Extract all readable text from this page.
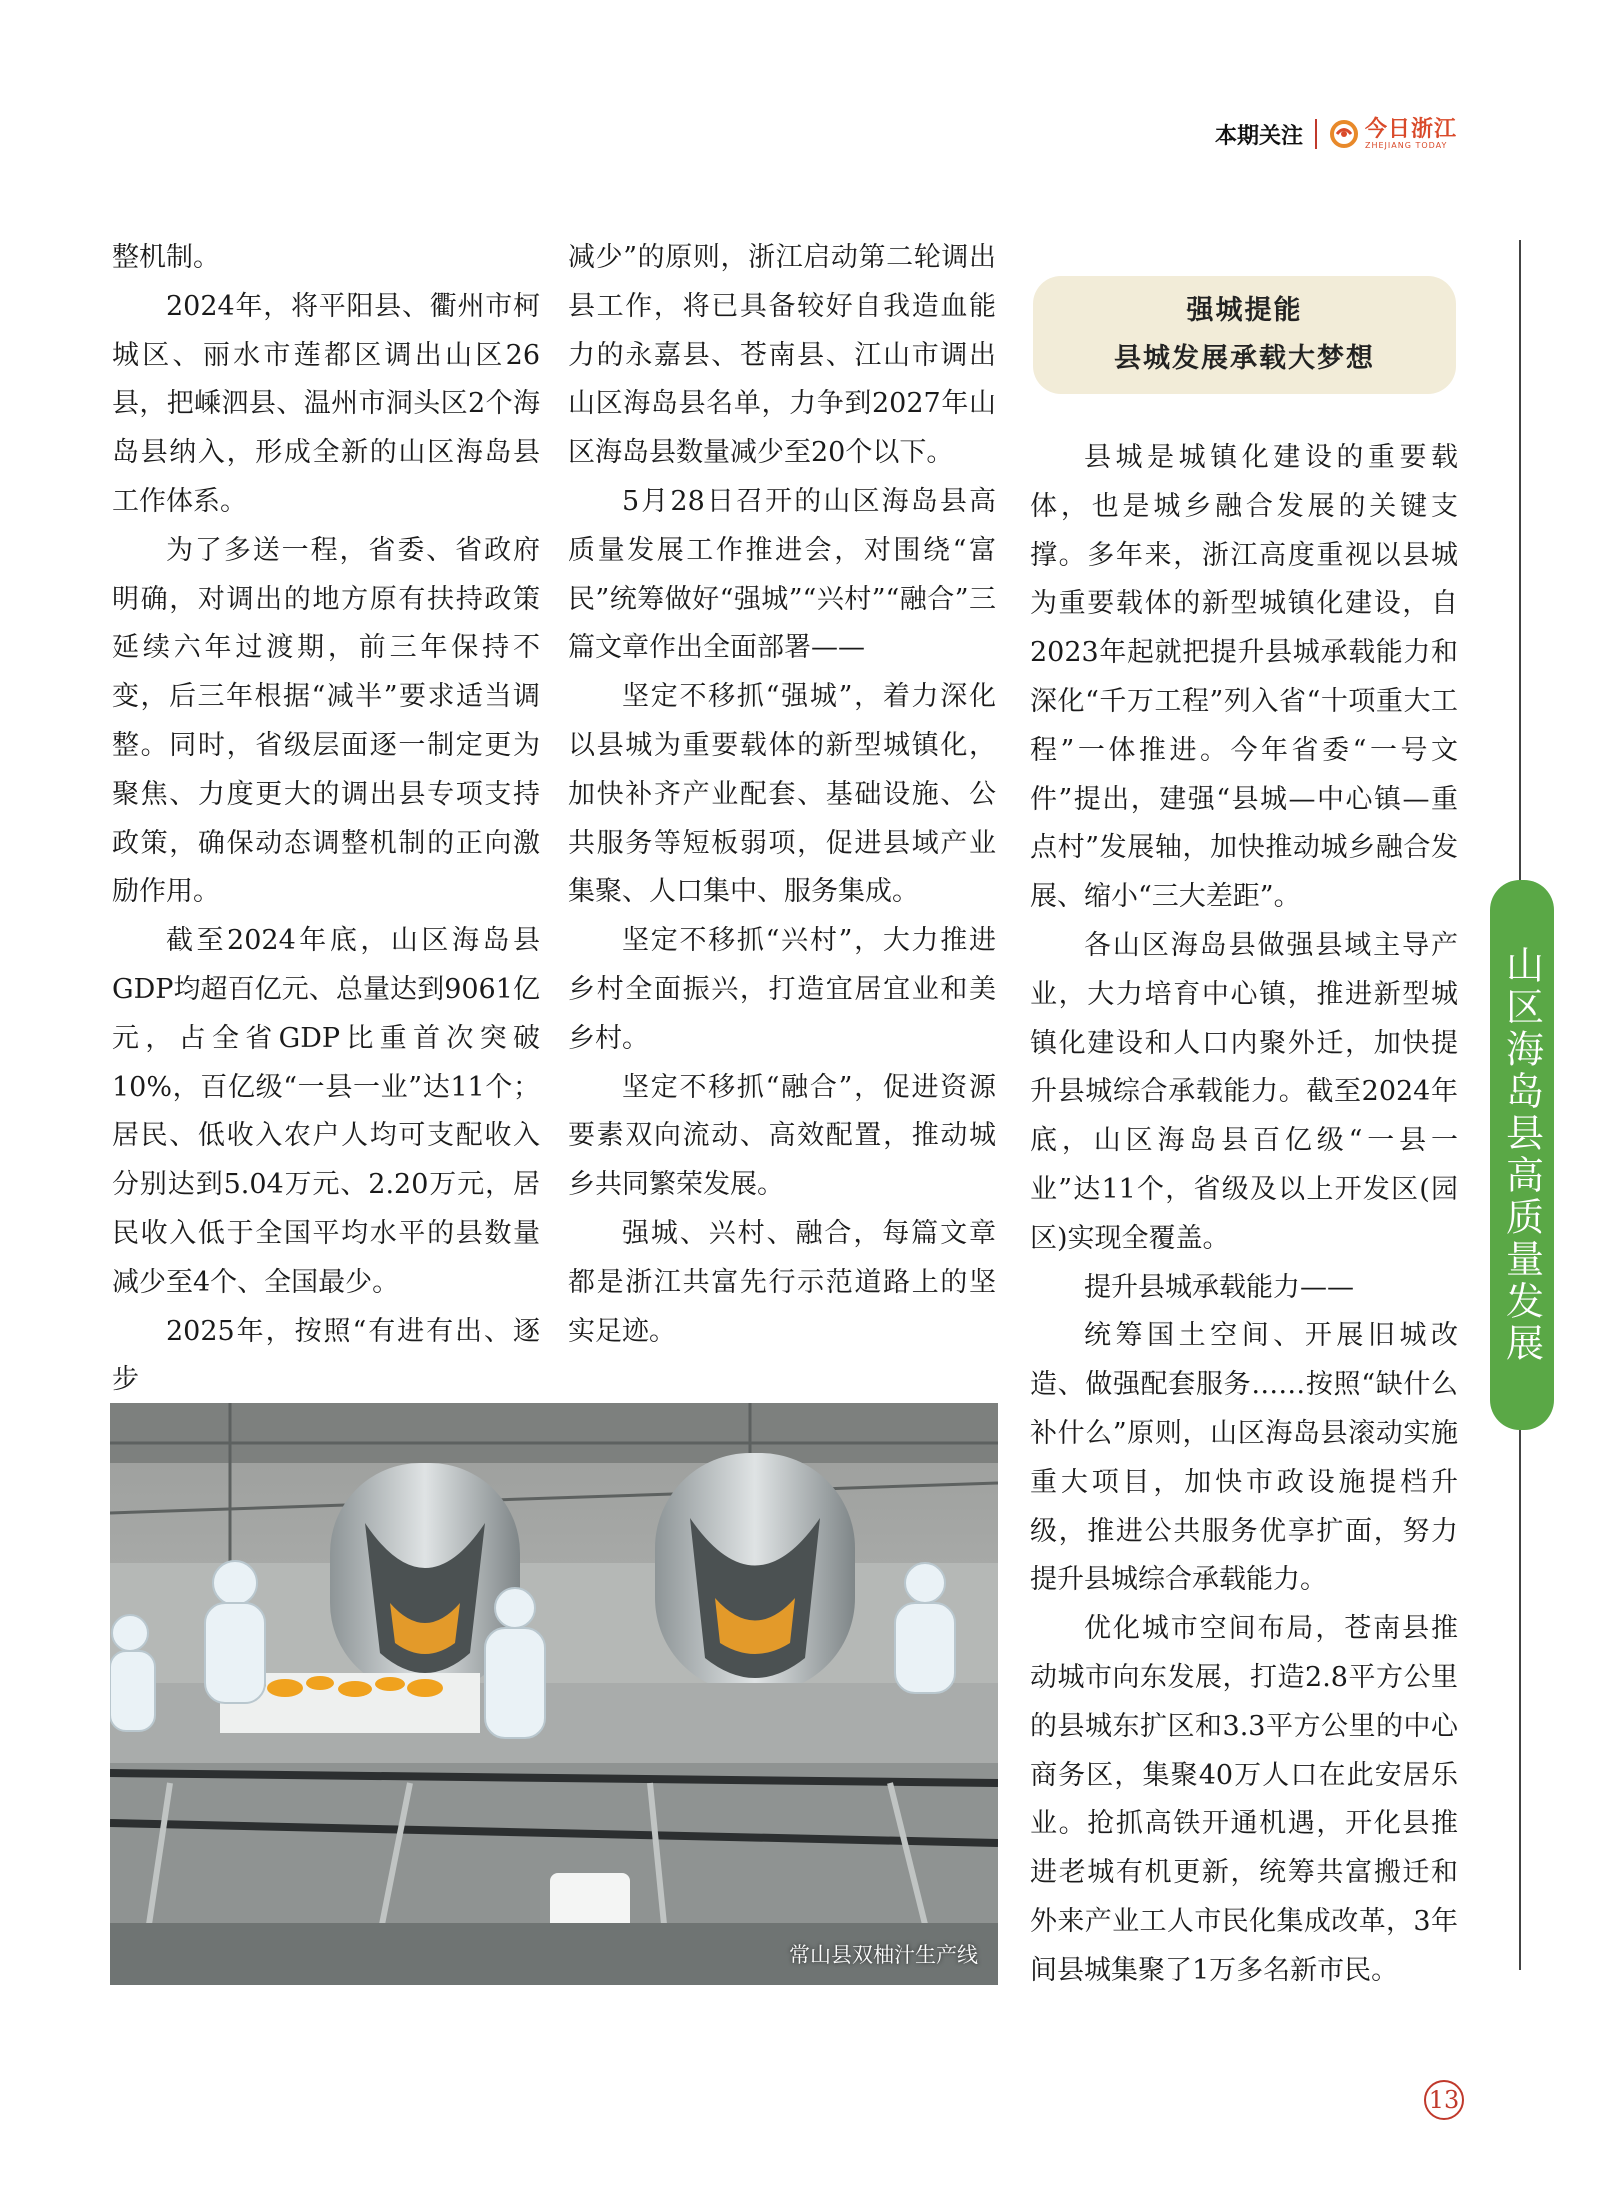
本期关注	今日浙江
ZHEJIANG TODAY

整机制。

2024年，将平阳县、衢州市柯城区、丽水市莲都区调出山区26县，把嵊泗县、温州市洞头区2个海岛县纳入，形成全新的山区海岛县工作体系。

为了多送一程，省委、省政府明确，对调出的地方原有扶持政策延续六年过渡期，前三年保持不变，后三年根据“减半”要求适当调整。同时，省级层面逐一制定更为聚焦、力度更大的调出县专项支持政策，确保动态调整机制的正向激励作用。

截至2024年底，山区海岛县GDP均超百亿元、总量达到9061亿元，占全省GDP比重首次突破10%，百亿级“一县一业”达11个；居民、低收入农户人均可支配收入分别达到5.04万元、2.20万元，居民收入低于全国平均水平的县数量减少至4个、全国最少。

2025年，按照“有进有出、逐步

减少”的原则，浙江启动第二轮调出县工作，将已具备较好自我造血能力的永嘉县、苍南县、江山市调出山区海岛县名单，力争到2027年山区海岛县数量减少至20个以下。

5月28日召开的山区海岛县高质量发展工作推进会，对围绕“富民”统筹做好“强城”“兴村”“融合”三篇文章作出全面部署——

坚定不移抓“强城”，着力深化以县城为重要载体的新型城镇化，加快补齐产业配套、基础设施、公共服务等短板弱项，促进县域产业集聚、人口集中、服务集成。

坚定不移抓“兴村”，大力推进乡村全面振兴，打造宜居宜业和美乡村。

坚定不移抓“融合”，促进资源要素双向流动、高效配置，推动城乡共同繁荣发展。

强城、兴村、融合，每篇文章都是浙江共富先行示范道路上的坚实足迹。

强城提能
县城发展承载大梦想

县城是城镇化建设的重要载体，也是城乡融合发展的关键支撑。多年来，浙江高度重视以县城为重要载体的新型城镇化建设，自2023年起就把提升县城承载能力和深化“千万工程”列入省“十项重大工程”一体推进。今年省委“一号文件”提出，建强“县城—中心镇—重点村”发展轴，加快推动城乡融合发展、缩小“三大差距”。

各山区海岛县做强县域主导产业，大力培育中心镇，推进新型城镇化建设和人口内聚外迁，加快提升县城综合承载能力。截至2024年底，山区海岛县百亿级“一县一业”达11个，省级及以上开发区(园区)实现全覆盖。

提升县城承载能力——

统筹国土空间、开展旧城改造、做强配套服务……按照“缺什么补什么”原则，山区海岛县滚动实施重大项目，加快市政设施提档升级，推进公共服务优享扩面，努力提升县城综合承载能力。

优化城市空间布局，苍南县推动城市向东发展，打造2.8平方公里的县城东扩区和3.3平方公里的中心商务区，集聚40万人口在此安居乐业。抢抓高铁开通机遇，开化县推进老城有机更新，统筹共富搬迁和外来产业工人市民化集成改革，3年间县城集聚了1万多名新市民。

山区海岛县高质量发展
常山县双柚汁生产线
13
